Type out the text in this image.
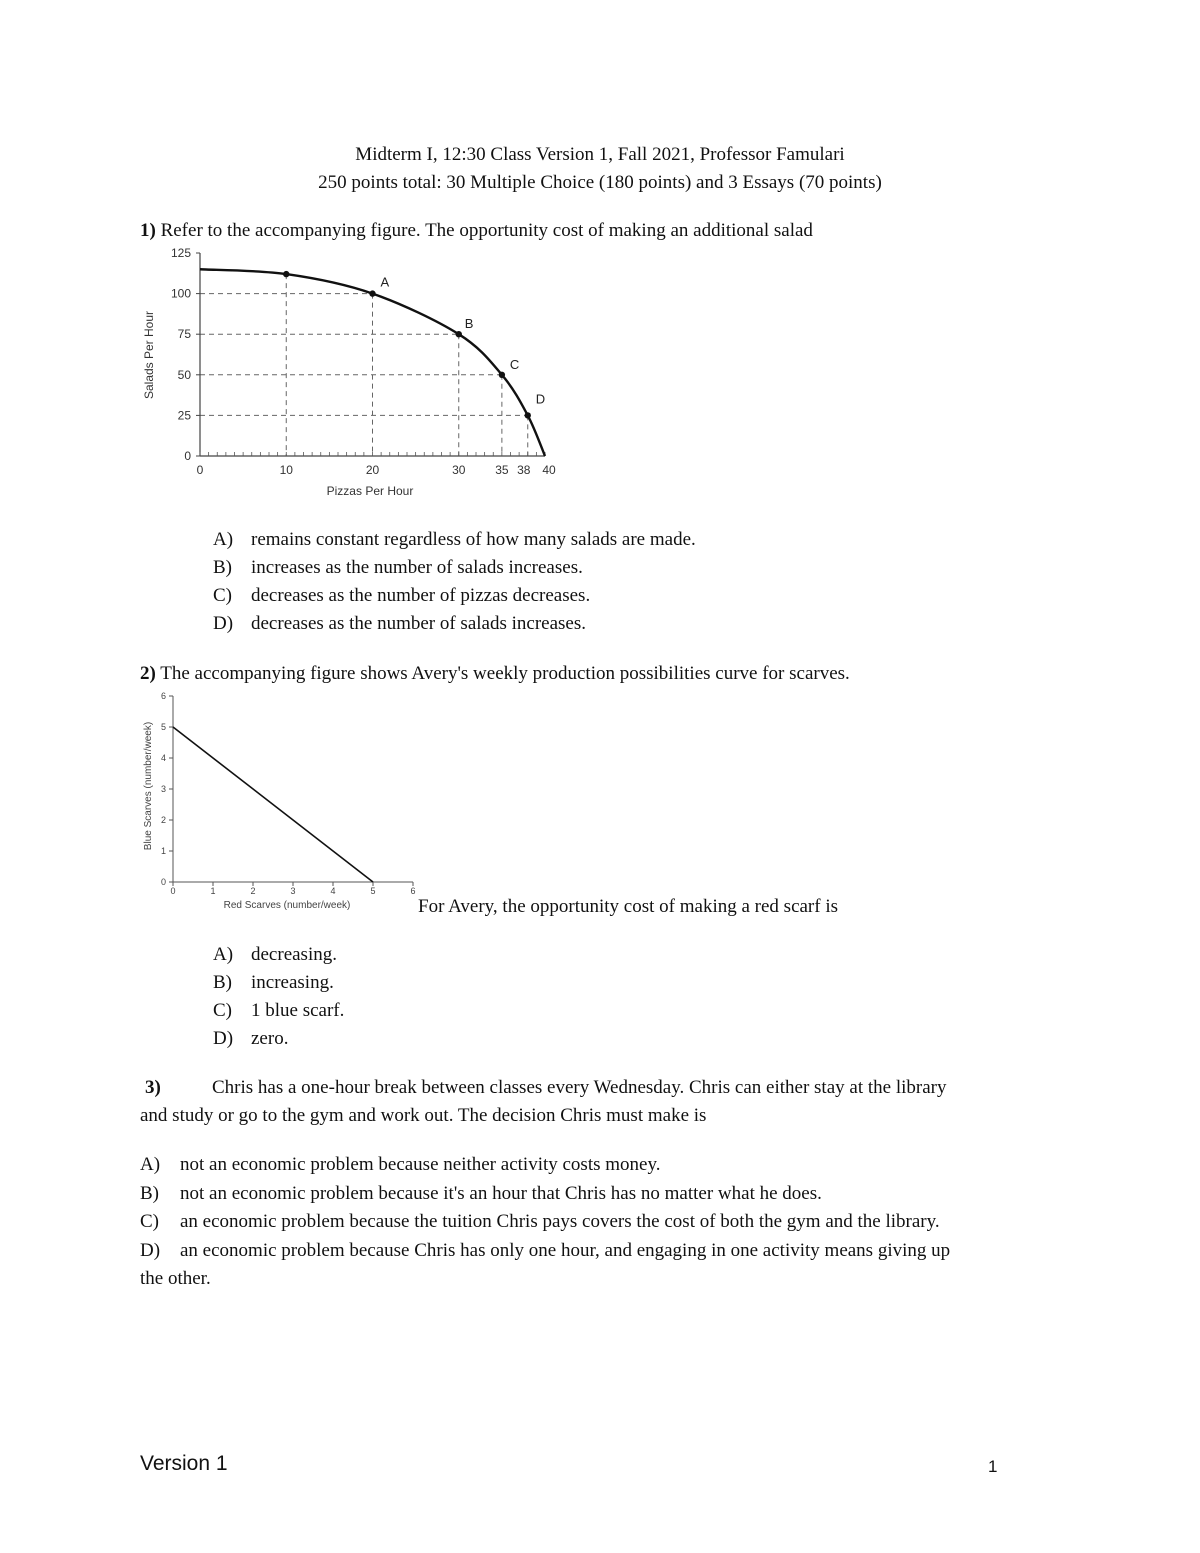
Midterm I, 12:30 Class Version 1, Fall 2021, Professor Famulari
250 points total: 30 Multiple Choice (180 points) and 3 Essays (70 points)
1) Refer to the accompanying figure. The opportunity cost of making an additional salad
0	10	20	30 35 38 40
0
25
50
75
100
125
A
B
C
D
Pizzas Per Hour
Salads Per Hour
A) remains constant regardless of how many salads are made.
B) increases as the number of salads increases.
C) decreases as the number of pizzas decreases.
D) decreases as the number of salads increases.
2) The accompanying figure shows Avery's weekly production possibilities curve for scarves.
0	1	2	3	4	5	6
0
1
2
3
4
5
6
Red Scarves (number/week)
Blue Scarves (number/week)
For Avery, the opportunity cost of making a red scarf is
A) decreasing.
B) increasing.
C) 1 blue scarf.
D) zero.
3)	Chris has a one-hour break between classes every Wednesday. Chris can either stay at the library
and study or go to the gym and work out. The decision Chris must make is
A) not an economic problem because neither activity costs money.
B) not an economic problem because it's an hour that Chris has no matter what he does.
C) an economic problem because the tuition Chris pays covers the cost of both the gym and the library.
D) an economic problem because Chris has only one hour, and engaging in one activity means giving up
the other.
Version 1	1
